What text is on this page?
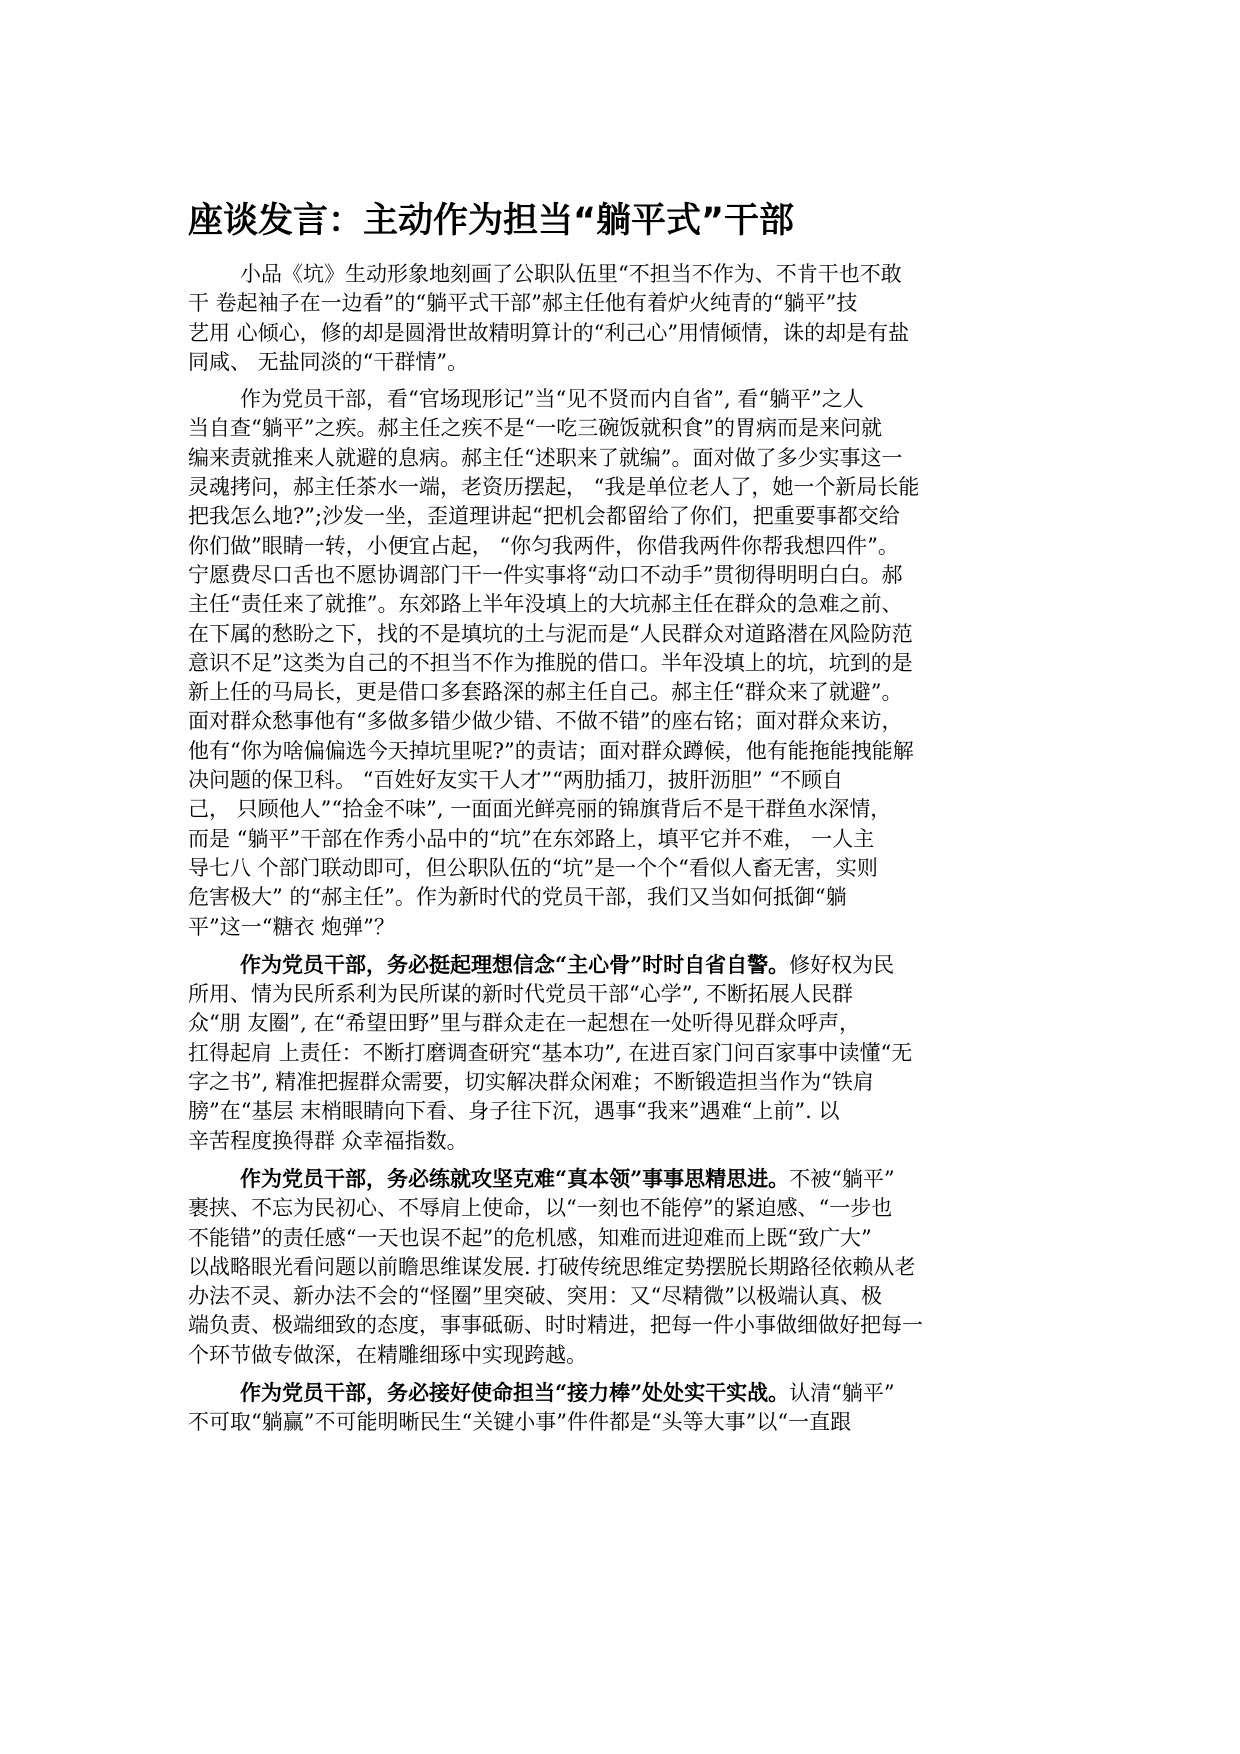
座谈发言：主动作为担当“躺平式”干部
小品《坑》生动形象地刻画了公职队伍里“不担当不作为、不肯干也不敢
干 卷起袖子在一边看”的“躺平式干部”郝主任他有着炉火纯青的“躺平”技
艺用 心倾心，修的却是圆滑世故精明算计的“利己心”用情倾情，诛的却是有盐
同咸、 无盐同淡的“干群情”。
作为党员干部，看“官场现形记”当“见不贤而内自省”, 看“躺平”之人
当自查“躺平”之疾。郝主任之疾不是“一吃三碗饭就积食”的胃病而是来问就
编来责就推来人就避的息病。郝主任“述职来了就编”。面对做了多少实事这一
灵魂拷问，郝主任茶水一端，老资历摆起， “我是单位老人了，她一个新局长能
把我怎么地?”;沙发一坐，歪道理讲起“把机会都留给了你们，把重要事都交给
你们做”眼睛一转，小便宜占起， “你匀我两件，你借我两件你帮我想四件”。
宁愿费尽口舌也不愿协调部门干一件实事将“动口不动手”贯彻得明明白白。郝
主任“责任来了就推”。东郊路上半年没填上的大坑郝主任在群众的急难之前、
在下属的愁盼之下，找的不是填坑的土与泥而是“人民群众对道路潜在风险防范
意识不足”这类为自己的不担当不作为推脱的借口。半年没填上的坑，坑到的是
新上任的马局长，更是借口多套路深的郝主任自己。郝主任“群众来了就避”。
面对群众愁事他有“多做多错少做少错、不做不错”的座右铭；面对群众来访，
他有“你为啥偏偏选今天掉坑里呢?”的责诘；面对群众蹲候，他有能拖能拽能解
决问题的保卫科。 “百姓好友实干人才”“两肋插刀，披肝沥胆” “不顾自
己， 只顾他人”“拾金不味”, 一面面光鲜亮丽的锦旗背后不是干群鱼水深情，
而是 “躺平”干部在作秀小品中的“坑”在东郊路上，填平它并不难， 一人主
导七八 个部门联动即可，但公职队伍的“坑”是一个个“看似人畜无害，实则
危害极大” 的“郝主任”。作为新时代的党员干部，我们又当如何抵御“躺
平”这一“糖衣 炮弹”？
作为党员干部，务必挺起理想信念“主心骨”时时自省自警。修好权为民
所用、情为民所系利为民所谋的新时代党员干部“心学”, 不断拓展人民群
众“朋 友圈”, 在“希望田野”里与群众走在一起想在一处听得见群众呼声，
扛得起肩 上责任：不断打磨调查研究“基本功”, 在进百家门问百家事中读懂“无
字之书”, 精准把握群众需要，切实解决群众闲难；不断锻造担当作为“铁肩
膀”在“基层 末梢眼睛向下看、身子往下沉，遇事“我来”遇难“上前”. 以
辛苦程度换得群 众幸福指数。
作为党员干部，务必练就攻坚克难“真本领”事事思精思进。不被“躺平”
裹挟、不忘为民初心、不辱肩上使命，以“一刻也不能停”的紧迫感、“一步也
不能错”的责任感“一天也误不起”的危机感，知难而进迎难而上既“致广大”
以战略眼光看问题以前瞻思维谋发展. 打破传统思维定势摆脱长期路径依赖从老
办法不灵、新办法不会的“怪圈”里突破、突用：又“尽精微”以极端认真、极
端负责、极端细致的态度，事事砥砺、时时精进，把每一件小事做细做好把每一
个环节做专做深，在精雕细琢中实现跨越。
作为党员干部，务必接好使命担当“接力棒”处处实干实战。认清“躺平”
不可取“躺赢”不可能明晰民生“关键小事”件件都是“头等大事”以“一直跟
